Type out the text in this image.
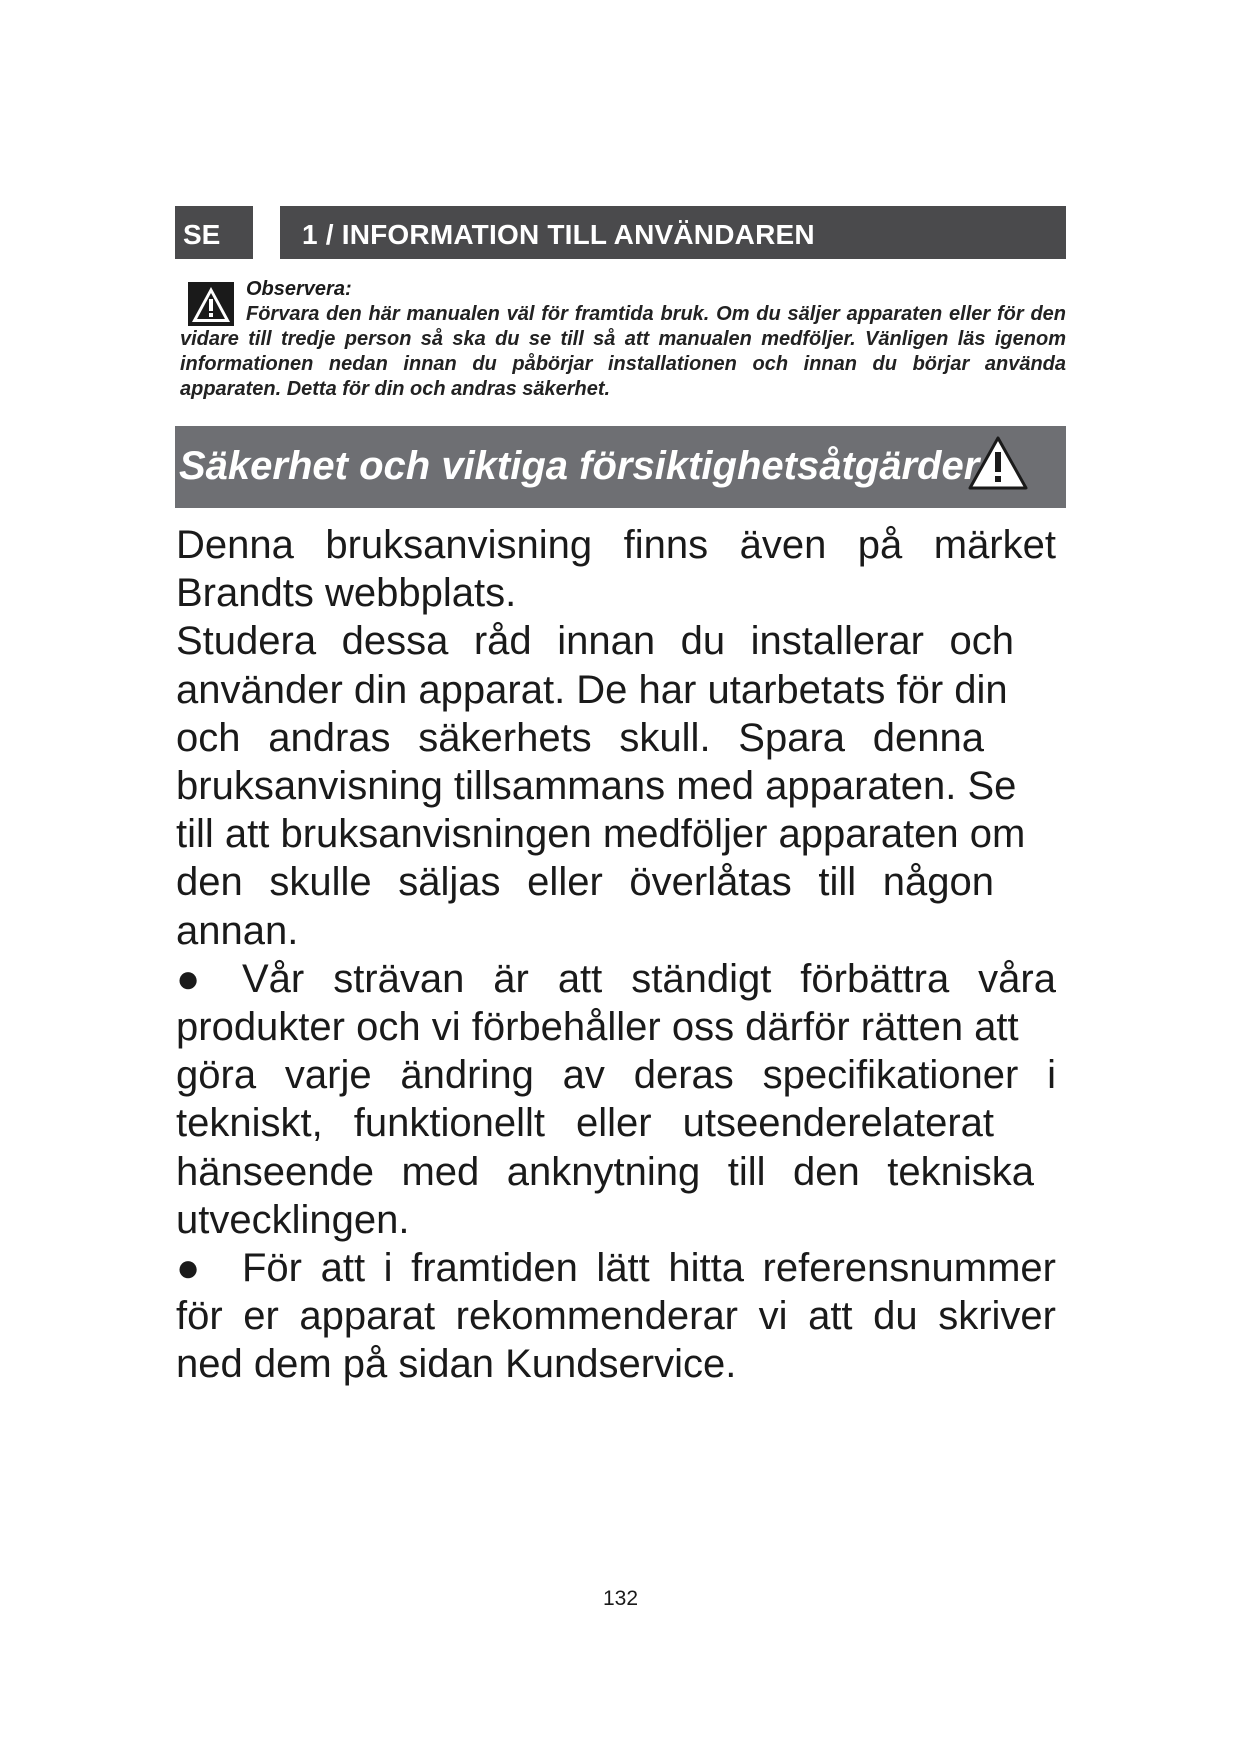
SE	1 / INFORMATION TILL ANVÄNDAREN

Observera:

Förvara den här manualen väl för framtida bruk. Om du säljer apparaten eller för den vidare till tredje person så ska du se till så att manualen medföljer. Vänligen läs igenom informationen nedan innan du påbörjar installationen och innan du börjar använda apparaten. Detta för din och andras säkerhet.

Säkerhet och viktiga försiktighetsåtgärder

Denna bruksanvisning finns även på märket

Brandts webbplats.

Studera dessa råd innan du installerar och

använder din apparat. De har utarbetats för din

och andras säkerhets skull. Spara denna

bruksanvisning tillsammans med apparaten. Se

till att bruksanvisningen medföljer apparaten om

den skulle säljas eller överlåtas till någon

annan.

●	Vår strävan är att ständigt förbättra våra

produkter och vi förbehåller oss därför rätten att

göra varje ändring av deras specifikationer i

tekniskt, funktionellt eller utseenderelaterat

hänseende med anknytning till den tekniska

utvecklingen.

●	För att i framtiden lätt hitta referensnummer

för er apparat rekommenderar vi att du skriver

ned dem på sidan Kundservice.

132
